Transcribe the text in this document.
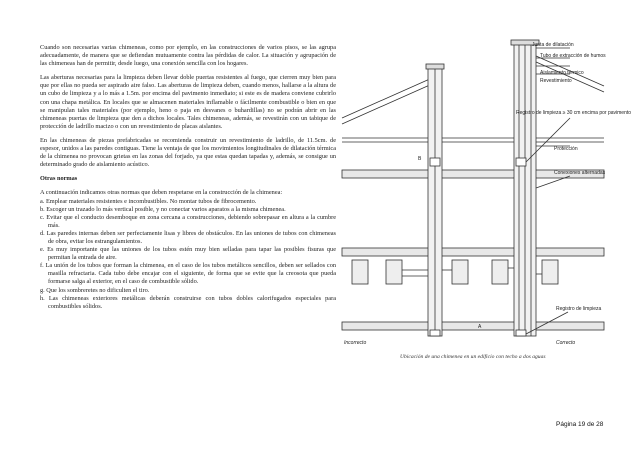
Cuando son necesarias varias chimeneas, como por ejemplo, en las construcciones de varios pisos, se las agrupa adecuadamente, de manera que se defiendan mutuamente contra las pérdidas de calor. La situación y agrupación de las chimeneas han de permitir, desde luego, una conexión sencilla con los hogares.

Las aberturas necesarias para la limpieza deben llevar doble puertas resistentes al fuego, que cierren muy bien para que por ellas no pueda ser aspirado aire falso. Las aberturas de limpieza deben, cuando menos, hallarse a la altura de un cubo de limpieza y a lo más a 1.5m. por encima del pavimento inmediato; si este es de madera conviene cubrirlo con una chapa metálica. En locales que se almacenen materiales inflamable o fácilmente combustible o bien en que se manipulan tales materiales (por ejemplo, heno o paja en desvanes o buhardillas) no se podrán abrir en las chimeneas puertas de limpieza que den a dichos locales. Tales chimeneas, además, se revestirán con un tabique de protección de ladrillo macizo o con un revestimiento de placas aislantes.

En las chimeneas de piezas prefabricadas se recomienda construir un revestimiento de ladrillo, de 11.5cm. de espesor, unidos a las paredes contiguas. Tiene la ventaja de que los movimientos longitudinales de dilatación térmica de la chimenea no provocan grietas en las zonas del forjado, ya que estas quedan tapadas y, además, se consigue un determinado grado de aislamiento acústico.

Otras normas

A continuación indicamos otras normas que deben respetarse en la construcción de la chimenea:

a. Emplear materiales resistentes e incombustibles. No montar tubos de fibrocemento.
b. Escoger un trazado lo más vertical posible, y no conectar varios aparatos a la misma chimenea.
c. Evitar que el conducto desemboque en zona cercana a construcciones, debiendo sobrepasar en altura a la cumbre más.
d. Las paredes internas deben ser perfectamente lisas y libres de obstáculos. En las uniones de tubos con chimeneas de obra, evitar los estrangulamientos.
e. Es muy importante que las uniones de los tubos estén muy bien selladas para tapar las posibles fisuras que permitan la entrada de aire.
f. La unión de los tubos que forman la chimenea, en el caso de los tubos metálicos sencillos, deben ser sellados con masilla refractaria. Cada tubo debe encajar con el siguiente, de forma que se evite que la creosota que pueda formarse salga al exterior, en el caso de combustible sólido.
g. Que los sombreretes no dificulten el tiro.
h. Las chimeneas exteriores metálicas deberán construirse con tubos dobles calorifugados especiales para combustibles sólidos.
Junta de dilatación
Tubo de extracción de humos
Aislamiento térmico
Revestimiento
Registro de limpieza ≥ 30 cm encima por pavimento
Protección
Conexiones alternadas
Registro de limpieza
Incorrecto	Correcto
A
B
Ubicación de una chimenea en un edificio con techo a dos aguas
Página 19 de 28
